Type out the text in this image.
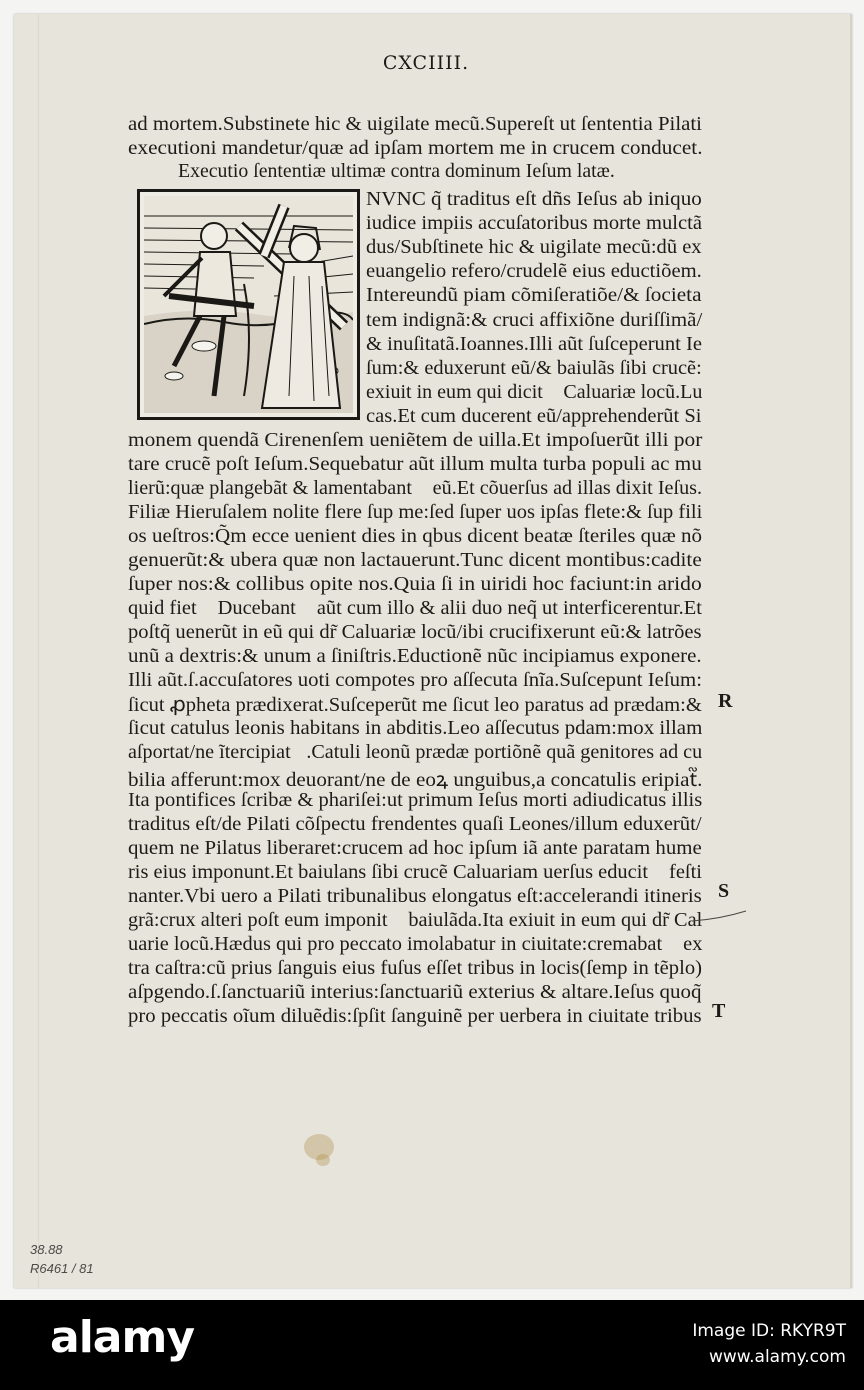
CXCIIII.
ad mortem.Substinete hic & uigilate mecũ.Supereſt ut ſententia Pilati
executioni mandetur/quæ ad ipſam mortem me in crucem conducet.
Executio ſententiæ ultimæ contra dominum Ieſum latæ.
NVNC q̃ traditus eſt dñs Ieſus ab iniquo
iudice impiis accuſatoribus morte mulctã
dus/Subſtinete hic & uigilate mecũ:dũ ex
euangelio refero/crudelẽ eius eductiõem.
Intereundũ piam cõmiſeratiõe/& ſocieta
tem indignã:& cruci affixiõne duriſſimã/
& inuſitatã.Ioannes.Illi aũt ſuſceperunt Ie
ſum:& eduxerunt eũ/& baiulãs ſibi crucẽ:
exiuit in eum qui dicit᷑ Caluariæ locũ.Lu
cas.Et cum ducerent eũ/apprehenderũt Si
monem quendã Cirenenſem ueniẽtem de uilla.Et impoſuerũt illi por
tare crucẽ poſt Ieſum.Sequebatur aũt illum multa turba populi ac mu
lierũ:quæ plangebãt & lamentabant᷑ eũ.Et cõuerſus ad illas dixit Ieſus.
Filiæ Hieruſalem nolite flere ſup me:ſed ſuper uos ipſas flete:& ſup fili
os ueſtros:Q̃m ecce uenient dies in qbus dicent beatæ ſteriles quæ nõ
genuerũt:& ubera quæ non lactauerunt.Tunc dicent montibus:cadite
ſuper nos:& collibus opite nos.Quia ſi in uiridi hoc faciunt:in arido
quid fiet᷑ Ducebant᷑ aũt cum illo & alii duo neq̃ ut interficerentur.Et
poſtq̃ uenerũt in eũ qui dr̃ Caluariæ locũ/ibi crucifixerunt eũ:& latrões
unũ a dextris:& unum a ſiniſtris.Eductionẽ nũc incipiamus exponere.
Illi aũt.ſ.accuſatores uoti compotes pro aſſecuta ſnĩa.Suſcepunt Ieſum:
ſicut ꝓpheta prædixerat.Suſceperũt me ſicut leo paratus ad prædam:&
ſicut catulus leonis habitans in abditis.Leo aſſecutus pdam:mox illam
aſportat/ne ĩtercipiat᷑.Catuli leonũ prædæ portiõnẽ quã genitores ad cu
bilia afferunt:mox deuorant/ne de eoꝝ unguibus,a concatulis eripiat᷑.
Ita pontifices ſcribæ & phariſei:ut primum Ieſus morti adiudicatus illis
traditus eſt/de Pilati cõſpectu frendentes quaſi Leones/illum eduxerũt/
quem ne Pilatus liberaret:crucem ad hoc ipſum iã ante paratam hume
ris eius imponunt.Et baiulans ſibi crucẽ Caluariam uerſus educit᷑ feſti
nanter.Vbi uero a Pilati tribunalibus elongatus eſt:accelerandi itineris
grã:crux alteri poſt eum imponit᷑ baiulãda.Ita exiuit in eum qui dr̃ Cal
uarie locũ.Hædus qui pro peccato imolabatur in ciuitate:cremabat᷑ ex
tra caſtra:cũ prius ſanguis eius fuſus eſſet tribus in locis(ſemp in tẽplo)
aſpgendo.ſ.ſanctuariũ interius:ſanctuariũ exterius & altare.Ieſus quoq̃
pro peccatis oĩum diluẽdis:ſpſit ſanguinẽ per uerbera in ciuitate tribus
R
S
T
38.88
R6461 / 81
alamy	Image ID: RKYR9T
www.alamy.com
